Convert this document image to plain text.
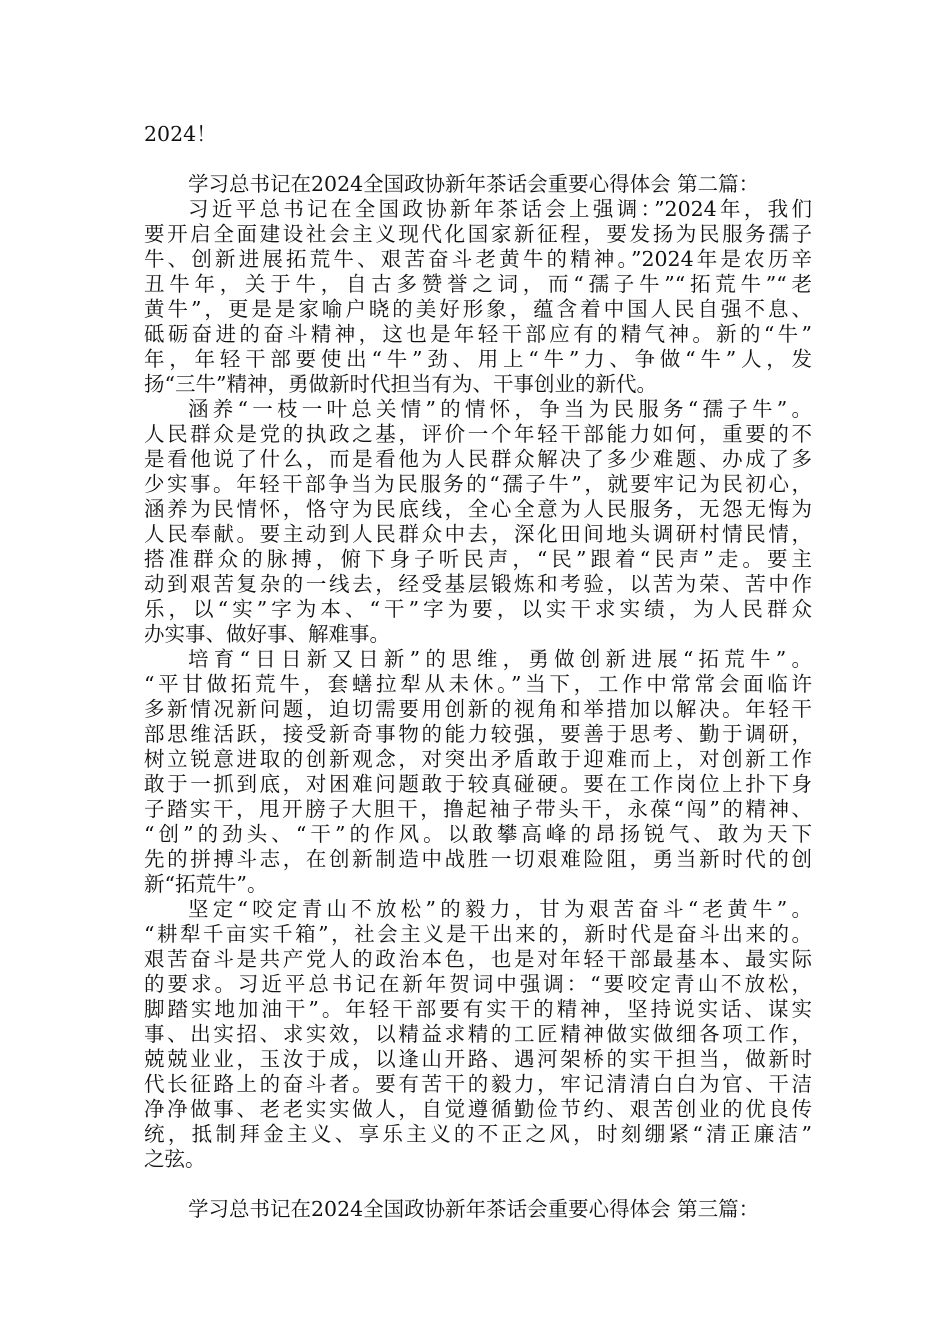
2024！
学习总书记在2024全国政协新年茶话会重要心得体会 第二篇：
习近平总书记在全国政协新年茶话会上强调：”2024年，我们
要开启全面建设社会主义现代化国家新征程，要发扬为民服务孺子
牛、创新进展拓荒牛、艰苦奋斗老黄牛的精神。”2024年是农历辛
丑牛年，关于牛，自古多赞誉之词，而“孺子牛”“拓荒牛”“老
黄牛”，更是是家喻户晓的美好形象，蕴含着中国人民自强不息、
砥砺奋进的奋斗精神，这也是年轻干部应有的精气神。新的“牛”
年，年轻干部要使出“牛”劲、用上“牛”力、争做“牛”人，发
扬“三牛”精神，勇做新时代担当有为、干事创业的新代。
涵养“一枝一叶总关情”的情怀，争当为民服务“孺子牛”。
人民群众是党的执政之基，评价一个年轻干部能力如何，重要的不
是看他说了什么，而是看他为人民群众解决了多少难题、办成了多
少实事。年轻干部争当为民服务的“孺子牛”，就要牢记为民初心，
涵养为民情怀，恪守为民底线，全心全意为人民服务，无怨无悔为
人民奉献。要主动到人民群众中去，深化田间地头调研村情民情，
搭准群众的脉搏，俯下身子听民声，“民”跟着“民声”走。要主
动到艰苦复杂的一线去，经受基层锻炼和考验，以苦为荣、苦中作
乐，以“实”字为本、“干”字为要，以实干求实绩，为人民群众
办实事、做好事、解难事。
培育“日日新又日新”的思维，勇做创新进展“拓荒牛”。
“平甘做拓荒牛，套蟮拉犁从未休。”当下，工作中常常会面临许
多新情况新问题，迫切需要用创新的视角和举措加以解决。年轻干
部思维活跃，接受新奇事物的能力较强，要善于思考、勤于调研，
树立锐意进取的创新观念，对突出矛盾敢于迎难而上，对创新工作
敢于一抓到底，对困难问题敢于较真碰硬。要在工作岗位上扑下身
子踏实干，甩开膀子大胆干，撸起袖子带头干，永葆“闯”的精神、
“创”的劲头、“干”的作风。以敢攀高峰的昂扬锐气、敢为天下
先的拼搏斗志，在创新制造中战胜一切艰难险阻，勇当新时代的创
新“拓荒牛”。
坚定“咬定青山不放松”的毅力，甘为艰苦奋斗“老黄牛”。
“耕犁千亩实千箱”，社会主义是干出来的，新时代是奋斗出来的。
艰苦奋斗是共产党人的政治本色，也是对年轻干部最基本、最实际
的要求。习近平总书记在新年贺词中强调：“要咬定青山不放松，
脚踏实地加油干”。年轻干部要有实干的精神，坚持说实话、谋实
事、出实招、求实效，以精益求精的工匠精神做实做细各项工作，
兢兢业业，玉汝于成，以逢山开路、遇河架桥的实干担当，做新时
代长征路上的奋斗者。要有苦干的毅力，牢记清清白白为官、干洁
净净做事、老老实实做人，自觉遵循勤俭节约、艰苦创业的优良传
统，抵制拜金主义、享乐主义的不正之风，时刻绷紧“清正廉洁”
之弦。
学习总书记在2024全国政协新年茶话会重要心得体会 第三篇：
